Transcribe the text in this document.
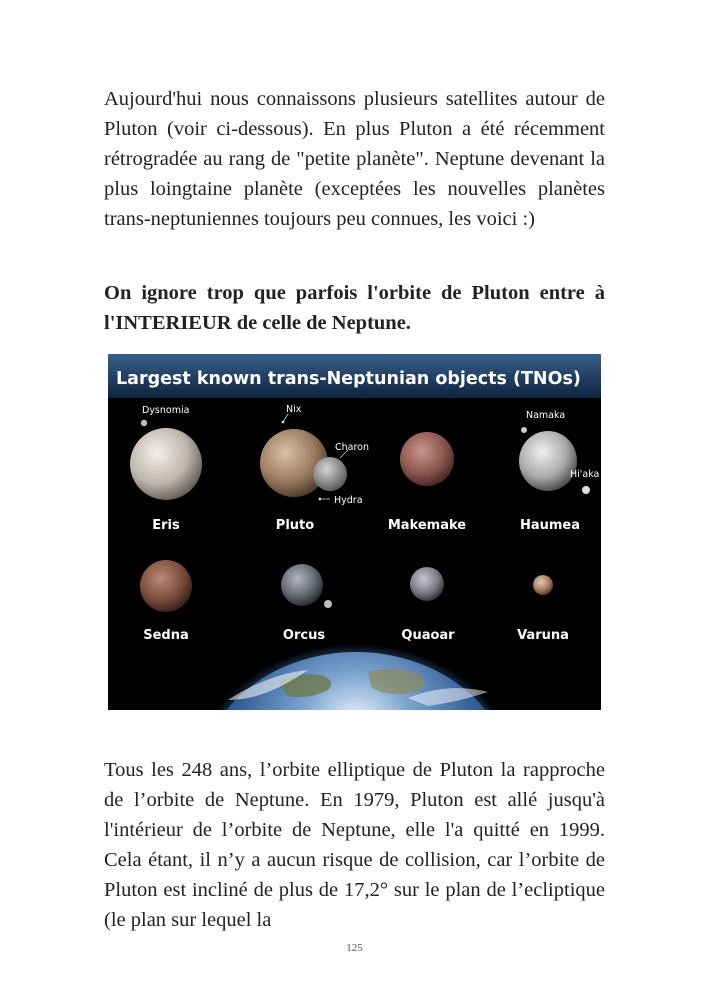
Aujourd'hui nous connaissons plusieurs satellites autour de Pluton (voir ci-dessous). En plus Pluton a été récemment rétrogradée au rang de "petite planète". Neptune devenant la plus loingtaine planète (exceptées les nouvelles planètes trans-neptuniennes toujours peu connues, les voici :)

On ignore trop que parfois l'orbite de Pluton entre à l'INTERIEUR de celle de Neptune.

Largest known trans-Neptunian objects (TNOs)
Dysnomia
Eris
Nix
Charon
Hydra
Pluto	Makemake
Namaka
Hi'aka
Haumea
Sedna	Orcus	Quaoar	Varuna

Tous les 248 ans, l’orbite elliptique de Pluton la rapproche de l’orbite de Neptune. En 1979, Pluton est allé jusqu'à l'intérieur de l’orbite de Neptune, elle l'a quitté en 1999. Cela étant, il n’y a aucun risque de collision, car l’orbite de Pluton est incliné de plus de 17,2° sur le plan de l’ecliptique (le plan sur lequel la

125
